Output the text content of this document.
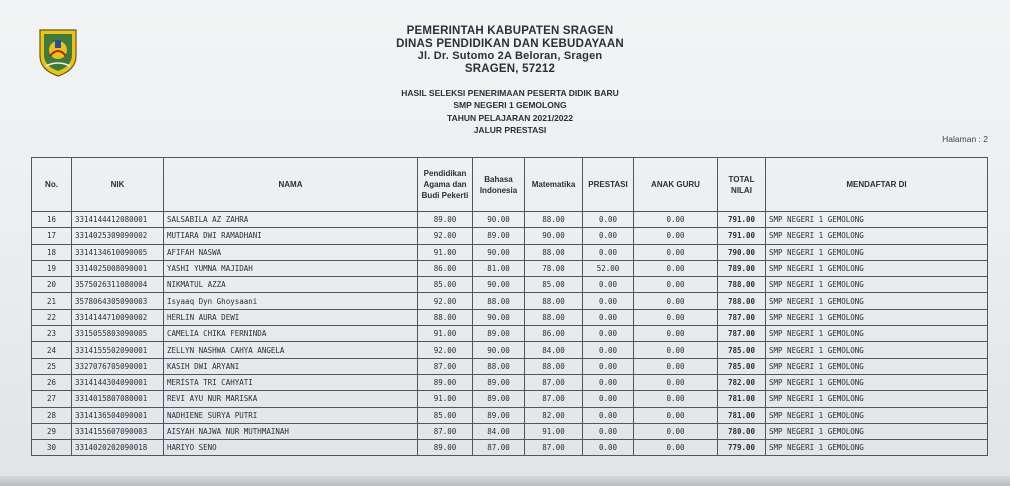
PEMERINTAH KABUPATEN SRAGEN
DINAS PENDIDIKAN DAN KEBUDAYAAN
Jl. Dr. Sutomo 2A Beloran, Sragen
SRAGEN, 57212
HASIL SELEKSI PENERIMAAN PESERTA DIDIK BARU
SMP NEGERI 1 GEMOLONG
TAHUN PELAJARAN 2021/2022
JALUR PRESTASI
Halaman : 2
No.	NIK	NAMA	Pendidikan Agama dan Budi Pekerti	Bahasa Indonesia	Matematika	PRESTASI	ANAK GURU	TOTAL NILAI	MENDAFTAR DI
16	3314144412080001	SALSABILA AZ ZAHRA	89.00	90.00	88.00	0.00	0.00	791.00	SMP NEGERI 1 GEMOLONG
17	3314025309090002	MUTIARA DWI RAMADHANI	92.00	89.00	90.00	0.00	0.00	791.00	SMP NEGERI 1 GEMOLONG
18	3314134610090005	AFIFAH NASWA	91.00	90.00	88.00	0.00	0.00	790.00	SMP NEGERI 1 GEMOLONG
19	3314025008090001	YASHI YUMNA MAJIDAH	86.00	81.00	78.00	52.00	0.00	789.00	SMP NEGERI 1 GEMOLONG
20	3575026311080004	NIKMATUL AZZA	85.00	90.00	85.00	0.00	0.00	788.00	SMP NEGERI 1 GEMOLONG
21	3578064305090003	Isyaaq Dyn Ghoysaani	92.00	88.00	88.00	0.00	0.00	788.00	SMP NEGERI 1 GEMOLONG
22	3314144710090002	HERLIN AURA DEWI	88.00	90.00	88.00	0.00	0.00	787.00	SMP NEGERI 1 GEMOLONG
23	3315055803090005	CAMELIA CHIKA FERNINDA	91.00	89.00	86.00	0.00	0.00	787.00	SMP NEGERI 1 GEMOLONG
24	3314155502090001	ZELLYN NASHWA CAHYA ANGELA	92.00	90.00	84.00	0.00	0.00	785.00	SMP NEGERI 1 GEMOLONG
25	3327076705090001	KASIH DWI ARYANI	87.00	88.00	88.00	0.00	0.00	785.00	SMP NEGERI 1 GEMOLONG
26	3314144304090001	MERISTA TRI CAHYATI	89.00	89.00	87.00	0.00	0.00	782.00	SMP NEGERI 1 GEMOLONG
27	3314015807080001	REVI AYU NUR MARISKA	91.00	89.00	87.00	0.00	0.00	781.00	SMP NEGERI 1 GEMOLONG
28	3314136504090001	NADHIENE SURYA PUTRI	85.00	89.00	82.00	0.00	0.00	781.00	SMP NEGERI 1 GEMOLONG
29	3314155607090003	AISYAH NAJWA NUR MUTHMAINAH	87.00	84.00	91.00	0.00	0.00	780.00	SMP NEGERI 1 GEMOLONG
30	3314020202090018	HARIYO SENO	89.00	87.00	87.00	0.00	0.00	779.00	SMP NEGERI 1 GEMOLONG
